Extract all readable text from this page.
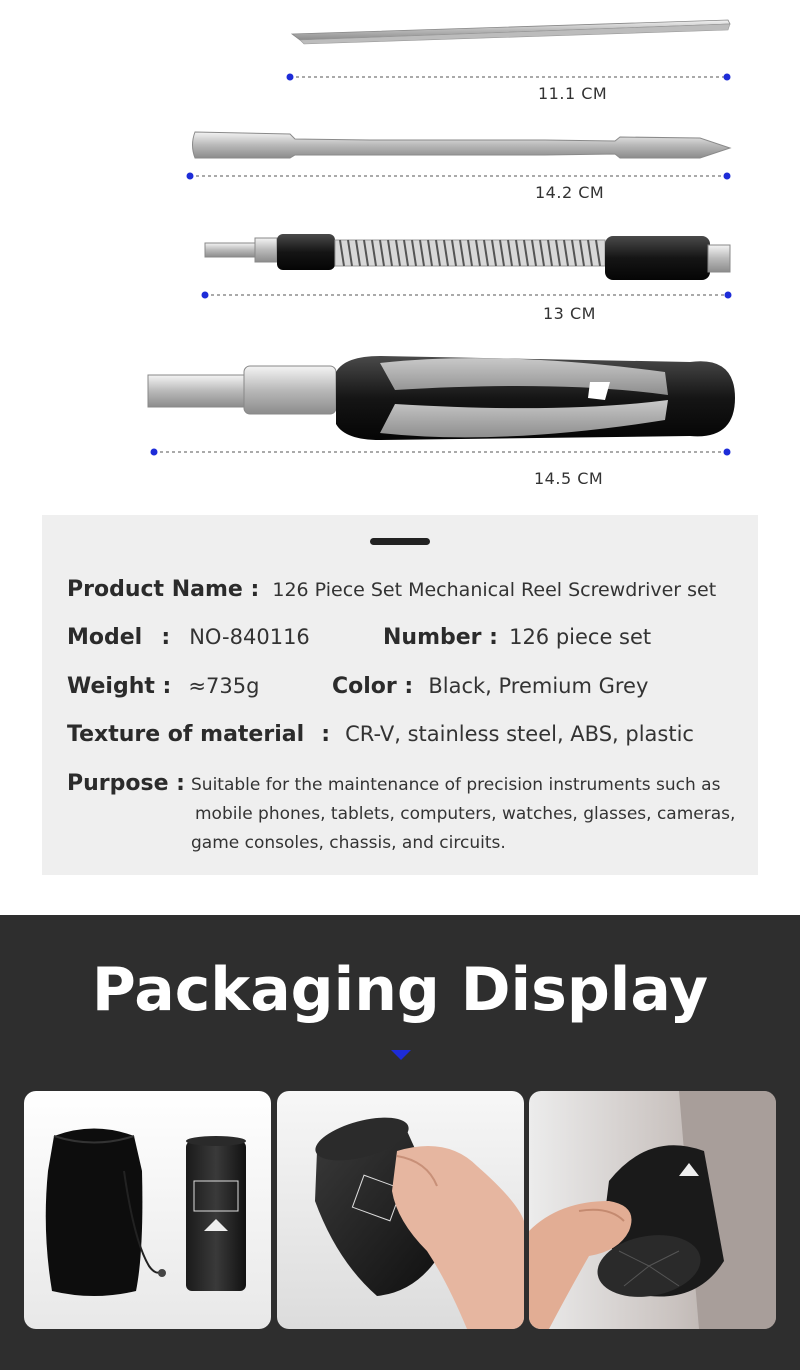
11.1 CM
14.2 CM
13 CM
14.5 CM
Product Name : 126 Piece Set Mechanical Reel Screwdriver set
Model : NO-840116	Number : 126 piece set
Weight : ≈735g	Color : Black, Premium Grey
Texture of material : CR-V, stainless steel, ABS, plastic
Purpose : Suitable for the maintenance of precision instruments such as
mobile phones, tablets, computers, watches, glasses, cameras,
game consoles, chassis, and circuits.
Packaging Display
